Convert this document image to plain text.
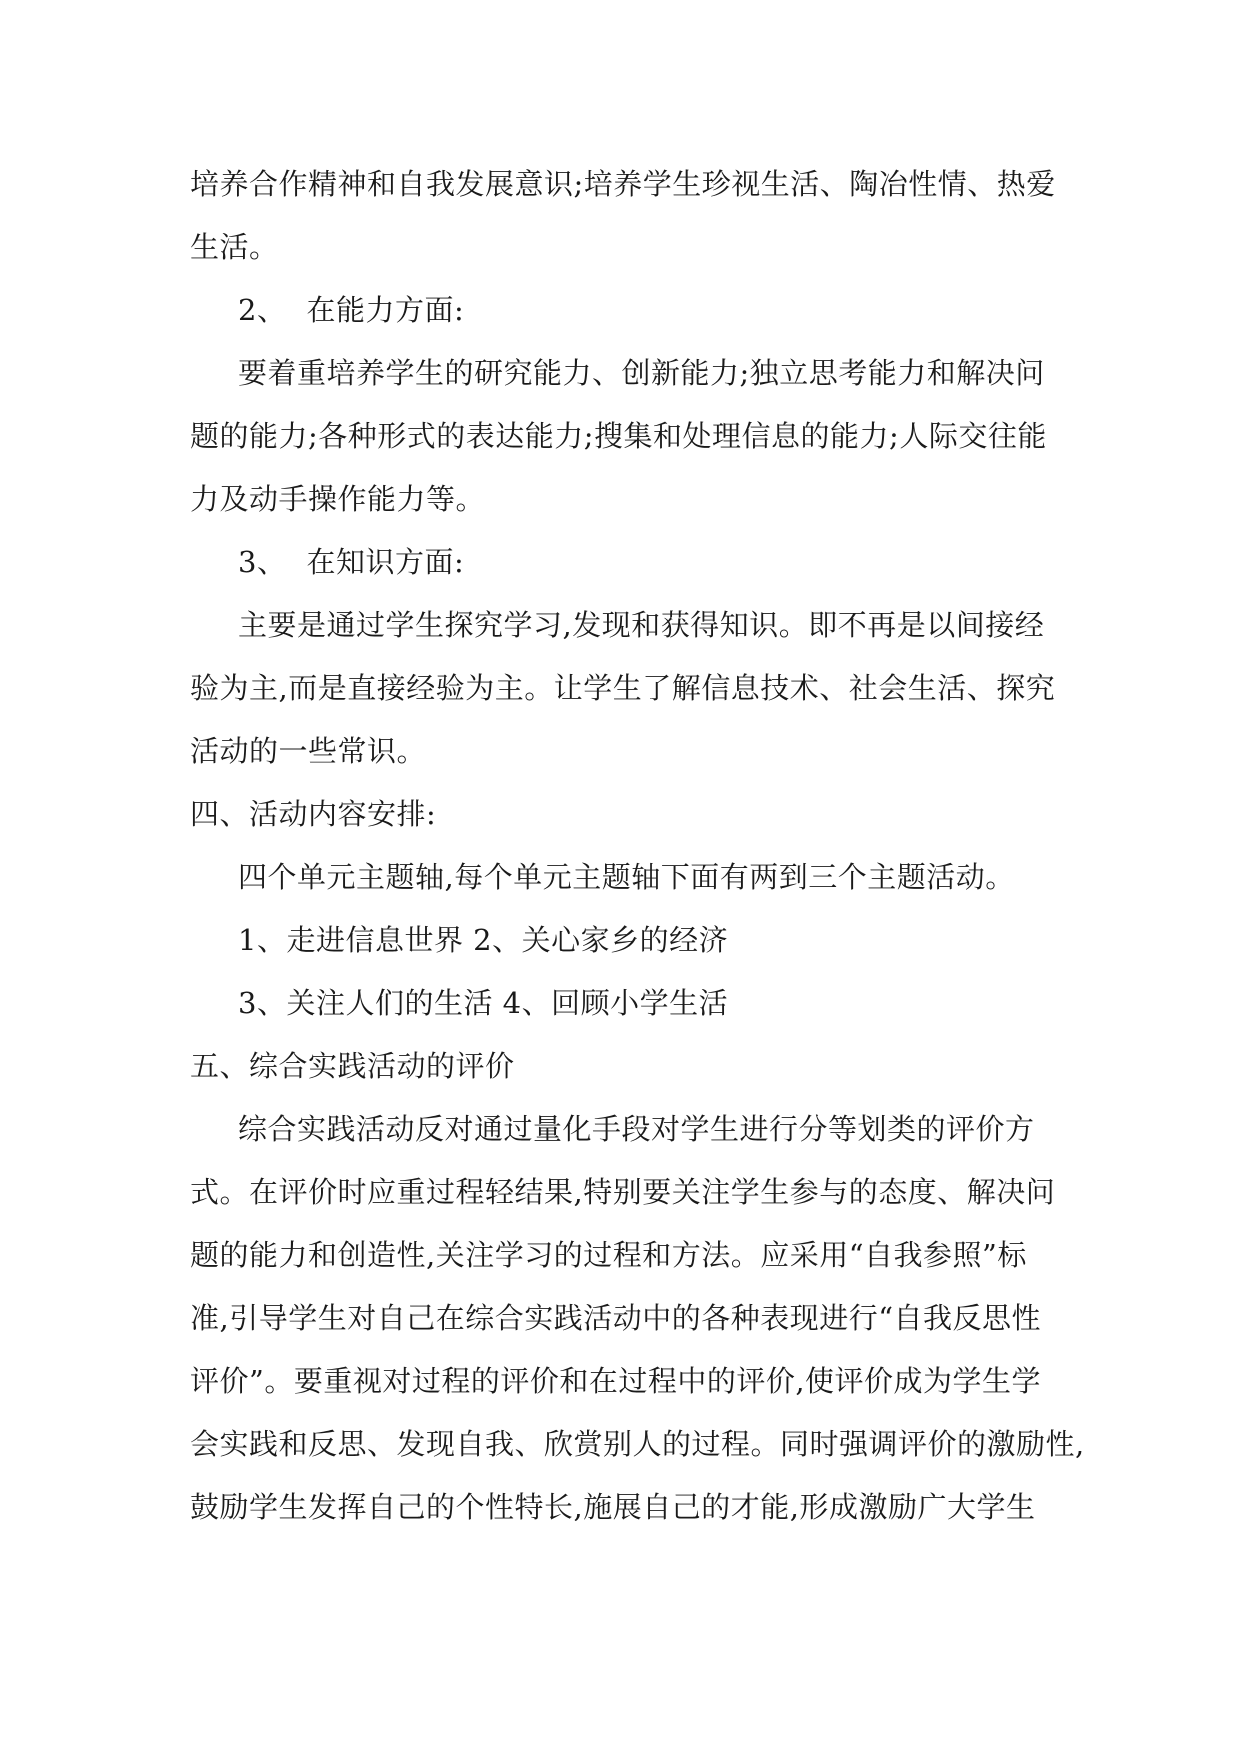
培养合作精神和自我发展意识;培养学生珍视生活、陶冶性情、热爱
生活。
2、 在能力方面:
要着重培养学生的研究能力、创新能力;独立思考能力和解决问
题的能力;各种形式的表达能力;搜集和处理信息的能力;人际交往能
力及动手操作能力等。
3、 在知识方面:
主要是通过学生探究学习,发现和获得知识。即不再是以间接经
验为主,而是直接经验为主。让学生了解信息技术、社会生活、探究
活动的一些常识。
四、活动内容安排:
四个单元主题轴,每个单元主题轴下面有两到三个主题活动。
1、走进信息世界 2、关心家乡的经济
3、关注人们的生活 4、回顾小学生活
五、综合实践活动的评价
综合实践活动反对通过量化手段对学生进行分等划类的评价方
式。在评价时应重过程轻结果,特别要关注学生参与的态度、解决问
题的能力和创造性,关注学习的过程和方法。应采用“自我参照”标
准,引导学生对自己在综合实践活动中的各种表现进行“自我反思性
评价”。要重视对过程的评价和在过程中的评价,使评价成为学生学
会实践和反思、发现自我、欣赏别人的过程。同时强调评价的激励性,
鼓励学生发挥自己的个性特长,施展自己的才能,形成激励广大学生
